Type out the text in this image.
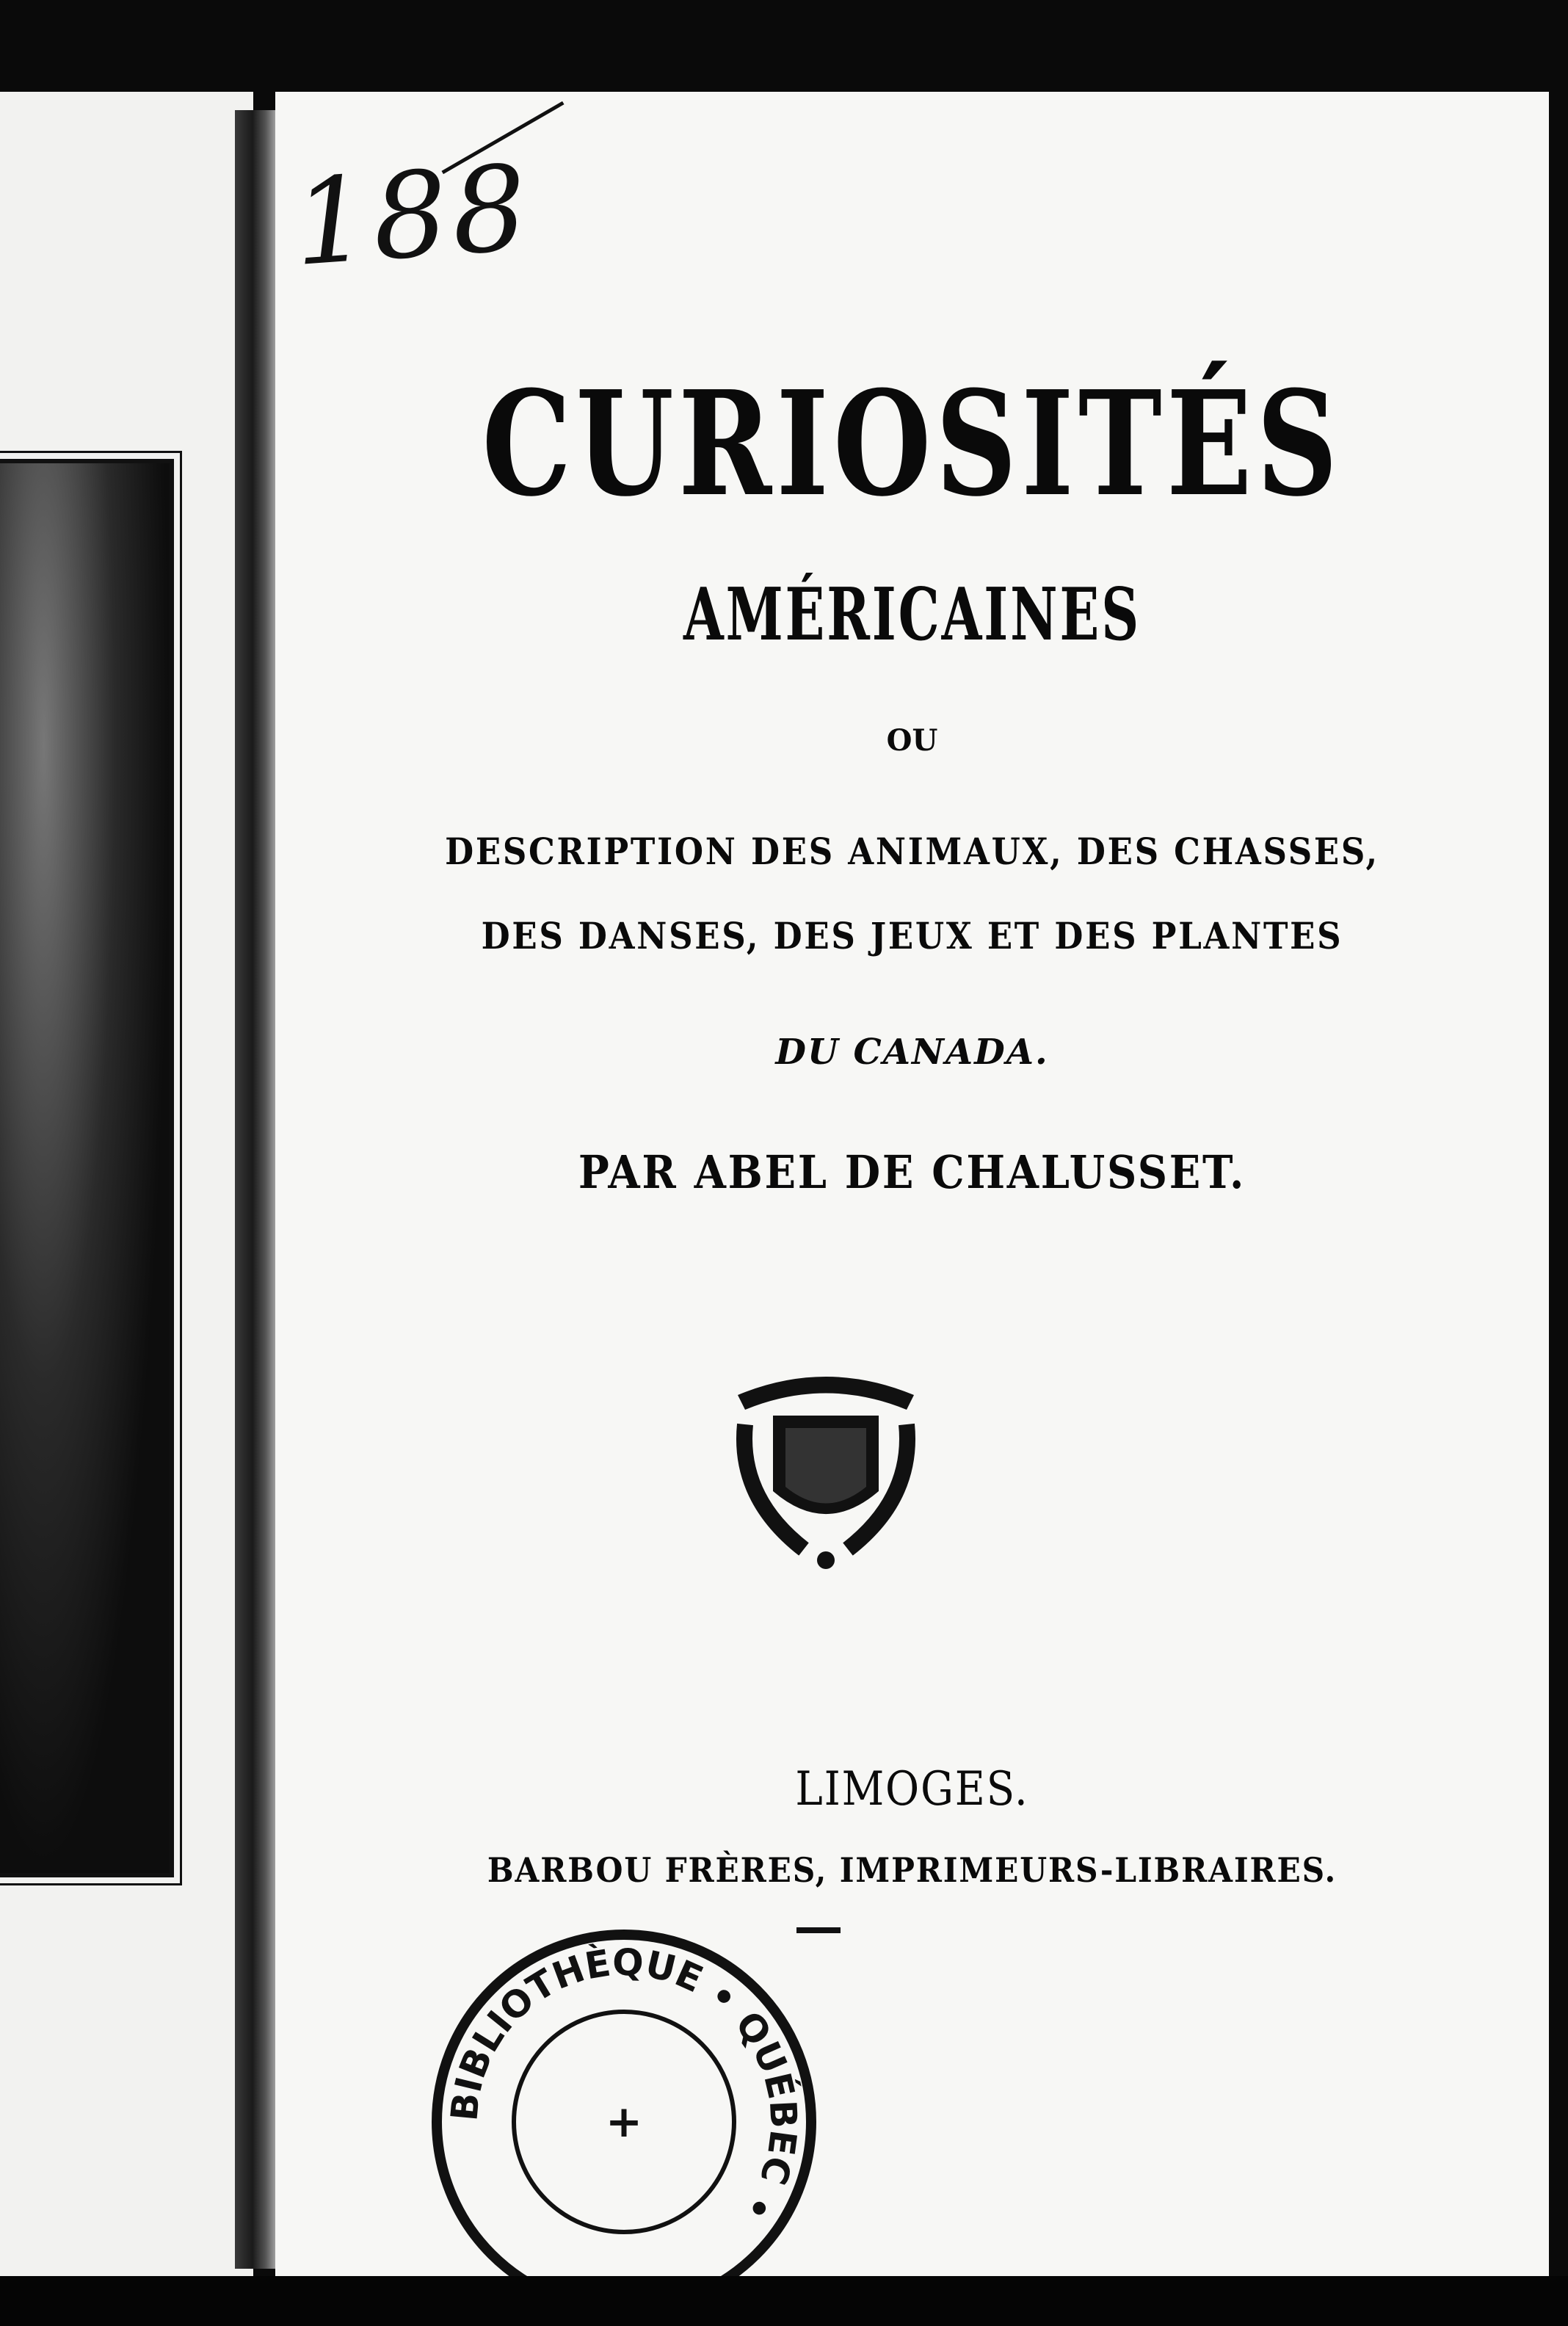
188
CURIOSITÉS
AMÉRICAINES
OU
DESCRIPTION DES ANIMAUX, DES CHASSES,
DES DANSES, DES JEUX ET DES PLANTES
DU CANADA.
PAR ABEL DE CHALUSSET.
LIMOGES.
BARBOU FRÈRES, IMPRIMEURS-LIBRAIRES.
BIBLIOTHÈQUE • QUÉBEC •
+
